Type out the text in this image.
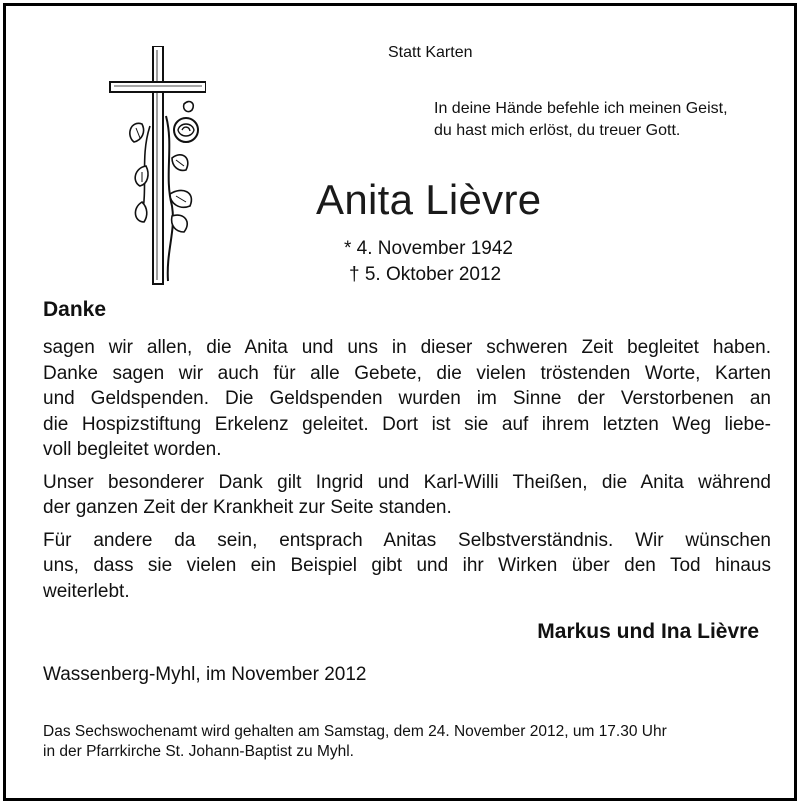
Statt Karten
In deine Hände befehle ich meinen Geist,
du hast mich erlöst, du treuer Gott.
Anita Lièvre
* 4. November 1942
† 5. Oktober 2012
Danke
sagen wir allen, die Anita und uns in dieser schweren Zeit begleitet haben.
Danke sagen wir auch für alle Gebete, die vielen tröstenden Worte, Karten
und Geldspenden. Die Geldspenden wurden im Sinne der Verstorbenen an
die Hospizstiftung Erkelenz geleitet. Dort ist sie auf ihrem letzten Weg liebe-
voll begleitet worden.
Unser besonderer Dank gilt Ingrid und Karl-Willi Theißen, die Anita während
der ganzen Zeit der Krankheit zur Seite standen.
Für andere da sein, entsprach Anitas Selbstverständnis. Wir wünschen
uns, dass sie vielen ein Beispiel gibt und ihr Wirken über den Tod hinaus
weiterlebt.
Markus und Ina Lièvre
Wassenberg-Myhl, im November 2012
Das Sechswochenamt wird gehalten am Samstag, dem 24. November 2012, um 17.30 Uhr
in der Pfarrkirche St. Johann-Baptist zu Myhl.
